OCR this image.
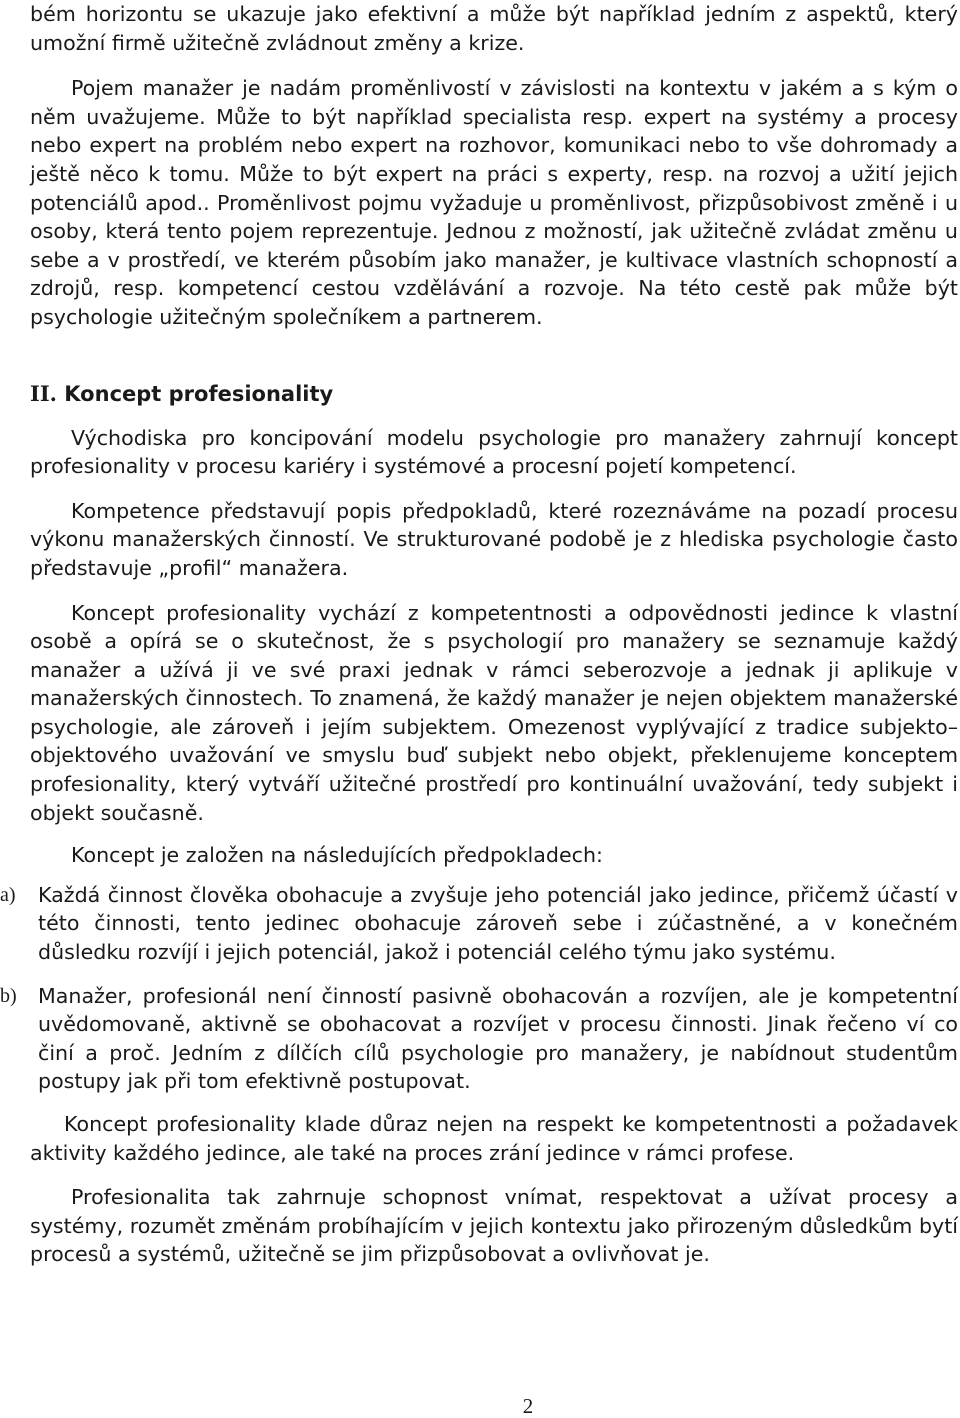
bém horizontu se ukazuje jako efektivní a může být například jedním z aspektů, který umožní firmě užitečně zvládnout změny a krize.

Pojem manažer je nadám proměnlivostí v závislosti na kontextu v jakém a s kým o něm uvažujeme. Může to být například specialista resp. expert na systémy a procesy nebo expert na problém nebo expert na rozhovor, komunikaci nebo to vše dohromady a ještě něco k tomu. Může to být expert na práci s experty, resp. na rozvoj a užití jejich potenciálů apod.. Proměnlivost pojmu vyžaduje u proměnlivost, přizpůsobivost změně i u osoby, která tento pojem reprezentuje. Jednou z možností, jak užitečně zvládat změnu u sebe a v prostředí, ve kterém působím jako manažer, je kultivace vlastních schopností a zdrojů, resp. kompetencí cestou vzdělávání a rozvoje. Na této cestě pak může být psychologie užitečným společníkem a partnerem.

II. Koncept profesionality

Východiska pro koncipování modelu psychologie pro manažery zahrnují koncept profesionality v procesu kariéry i systémové a procesní pojetí kompetencí.

Kompetence představují popis předpokladů, které rozeznáváme na pozadí procesu výkonu manažerských činností. Ve strukturované podobě je z hlediska psychologie často představuje „profil“ manažera.

Koncept profesionality vychází z kompetentnosti a odpovědnosti jedince k vlastní osobě a opírá se o skutečnost, že s psychologií pro manažery se seznamuje každý manažer a užívá ji ve své praxi jednak v rámci seberozvoje a jednak ji aplikuje v manažerských činnostech. To znamená, že každý manažer je nejen objektem manažerské psychologie, ale zároveň i jejím subjektem. Omezenost vyplývající z tradice subjekto–objektového uvažování ve smyslu buď subjekt nebo objekt, překlenujeme konceptem profesionality, který vytváří užitečné prostředí pro kontinuální uvažování, tedy subjekt i objekt současně.

Koncept je založen na následujících předpokladech:

a) Každá činnost člověka obohacuje a zvyšuje jeho potenciál jako jedince, přičemž účastí v této činnosti, tento jedinec obohacuje zároveň sebe i zúčastněné, a v konečném důsledku rozvíjí i jejich potenciál, jakož i potenciál celého týmu jako systému.

b) Manažer, profesionál není činností pasivně obohacován a rozvíjen, ale je kompetentní uvědomovaně, aktivně se obohacovat a rozvíjet v procesu činnosti. Jinak řečeno ví co činí a proč. Jedním z dílčích cílů psychologie pro manažery, je nabídnout studentům postupy jak při tom efektivně postupovat.

Koncept profesionality klade důraz nejen na respekt ke kompetentnosti a požadavek aktivity každého jedince, ale také na proces zrání jedince v rámci profese.

Profesionalita tak zahrnuje schopnost vnímat, respektovat a užívat procesy a systémy, rozumět změnám probíhajícím v jejich kontextu jako přirozeným důsledkům bytí procesů a systémů, užitečně se jim přizpůsobovat a ovlivňovat je.

2
